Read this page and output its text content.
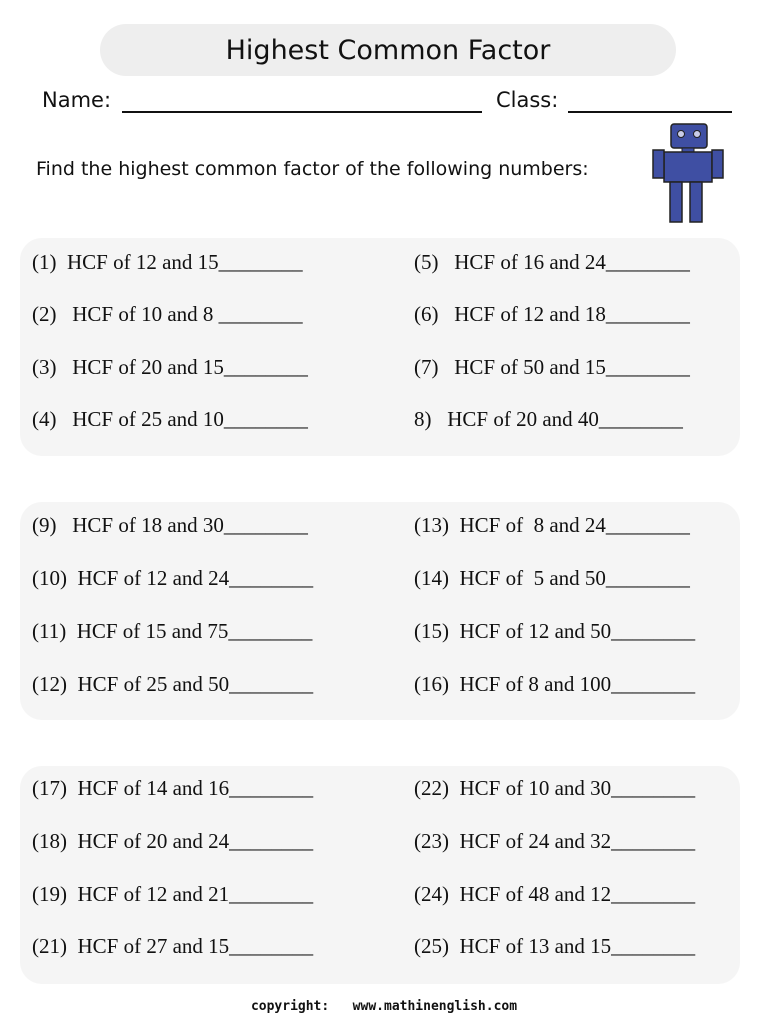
Highest Common Factor
Name:	Class:
Find the highest common factor of the following numbers:
(1)  HCF of 12 and 15________
(2)   HCF of 10 and 8 ________
(3)   HCF of 20 and 15________
(4)   HCF of 25 and 10________
(5)   HCF of 16 and 24________
(6)   HCF of 12 and 18________
(7)   HCF of 50 and 15________
8)   HCF of 20 and 40________
(9)   HCF of 18 and 30________
(10)  HCF of 12 and 24________
(11)  HCF of 15 and 75________
(12)  HCF of 25 and 50________
(13)  HCF of  8 and 24________
(14)  HCF of  5 and 50________
(15)  HCF of 12 and 50________
(16)  HCF of 8 and 100________
(17)  HCF of 14 and 16________
(18)  HCF of 20 and 24________
(19)  HCF of 12 and 21________
(21)  HCF of 27 and 15________
(22)  HCF of 10 and 30________
(23)  HCF of 24 and 32________
(24)  HCF of 48 and 12________
(25)  HCF of 13 and 15________
copyright:   www.mathinenglish.com
